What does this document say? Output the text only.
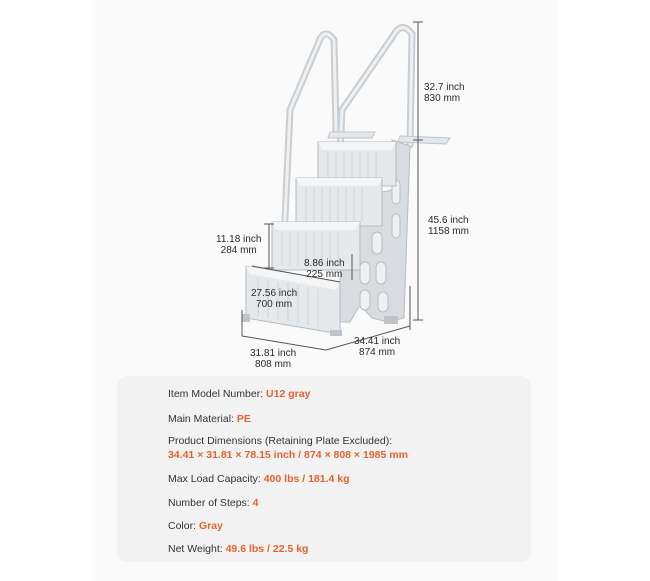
32.7 inch
830 mm
45.6 inch
1158 mm
11.18 inch
284 mm
8.86 inch
225 mm
27.56 inch
700 mm
31.81 inch
808 mm
34.41 inch
874 mm
Item Model Number: U12 gray
Main Material: PE
Product Dimensions (Retaining Plate Excluded):
34.41 × 31.81 × 78.15 inch / 874 × 808 × 1985 mm
Max Load Capacity: 400 lbs / 181.4 kg
Number of Steps: 4
Color: Gray
Net Weight: 49.6 lbs / 22.5 kg
